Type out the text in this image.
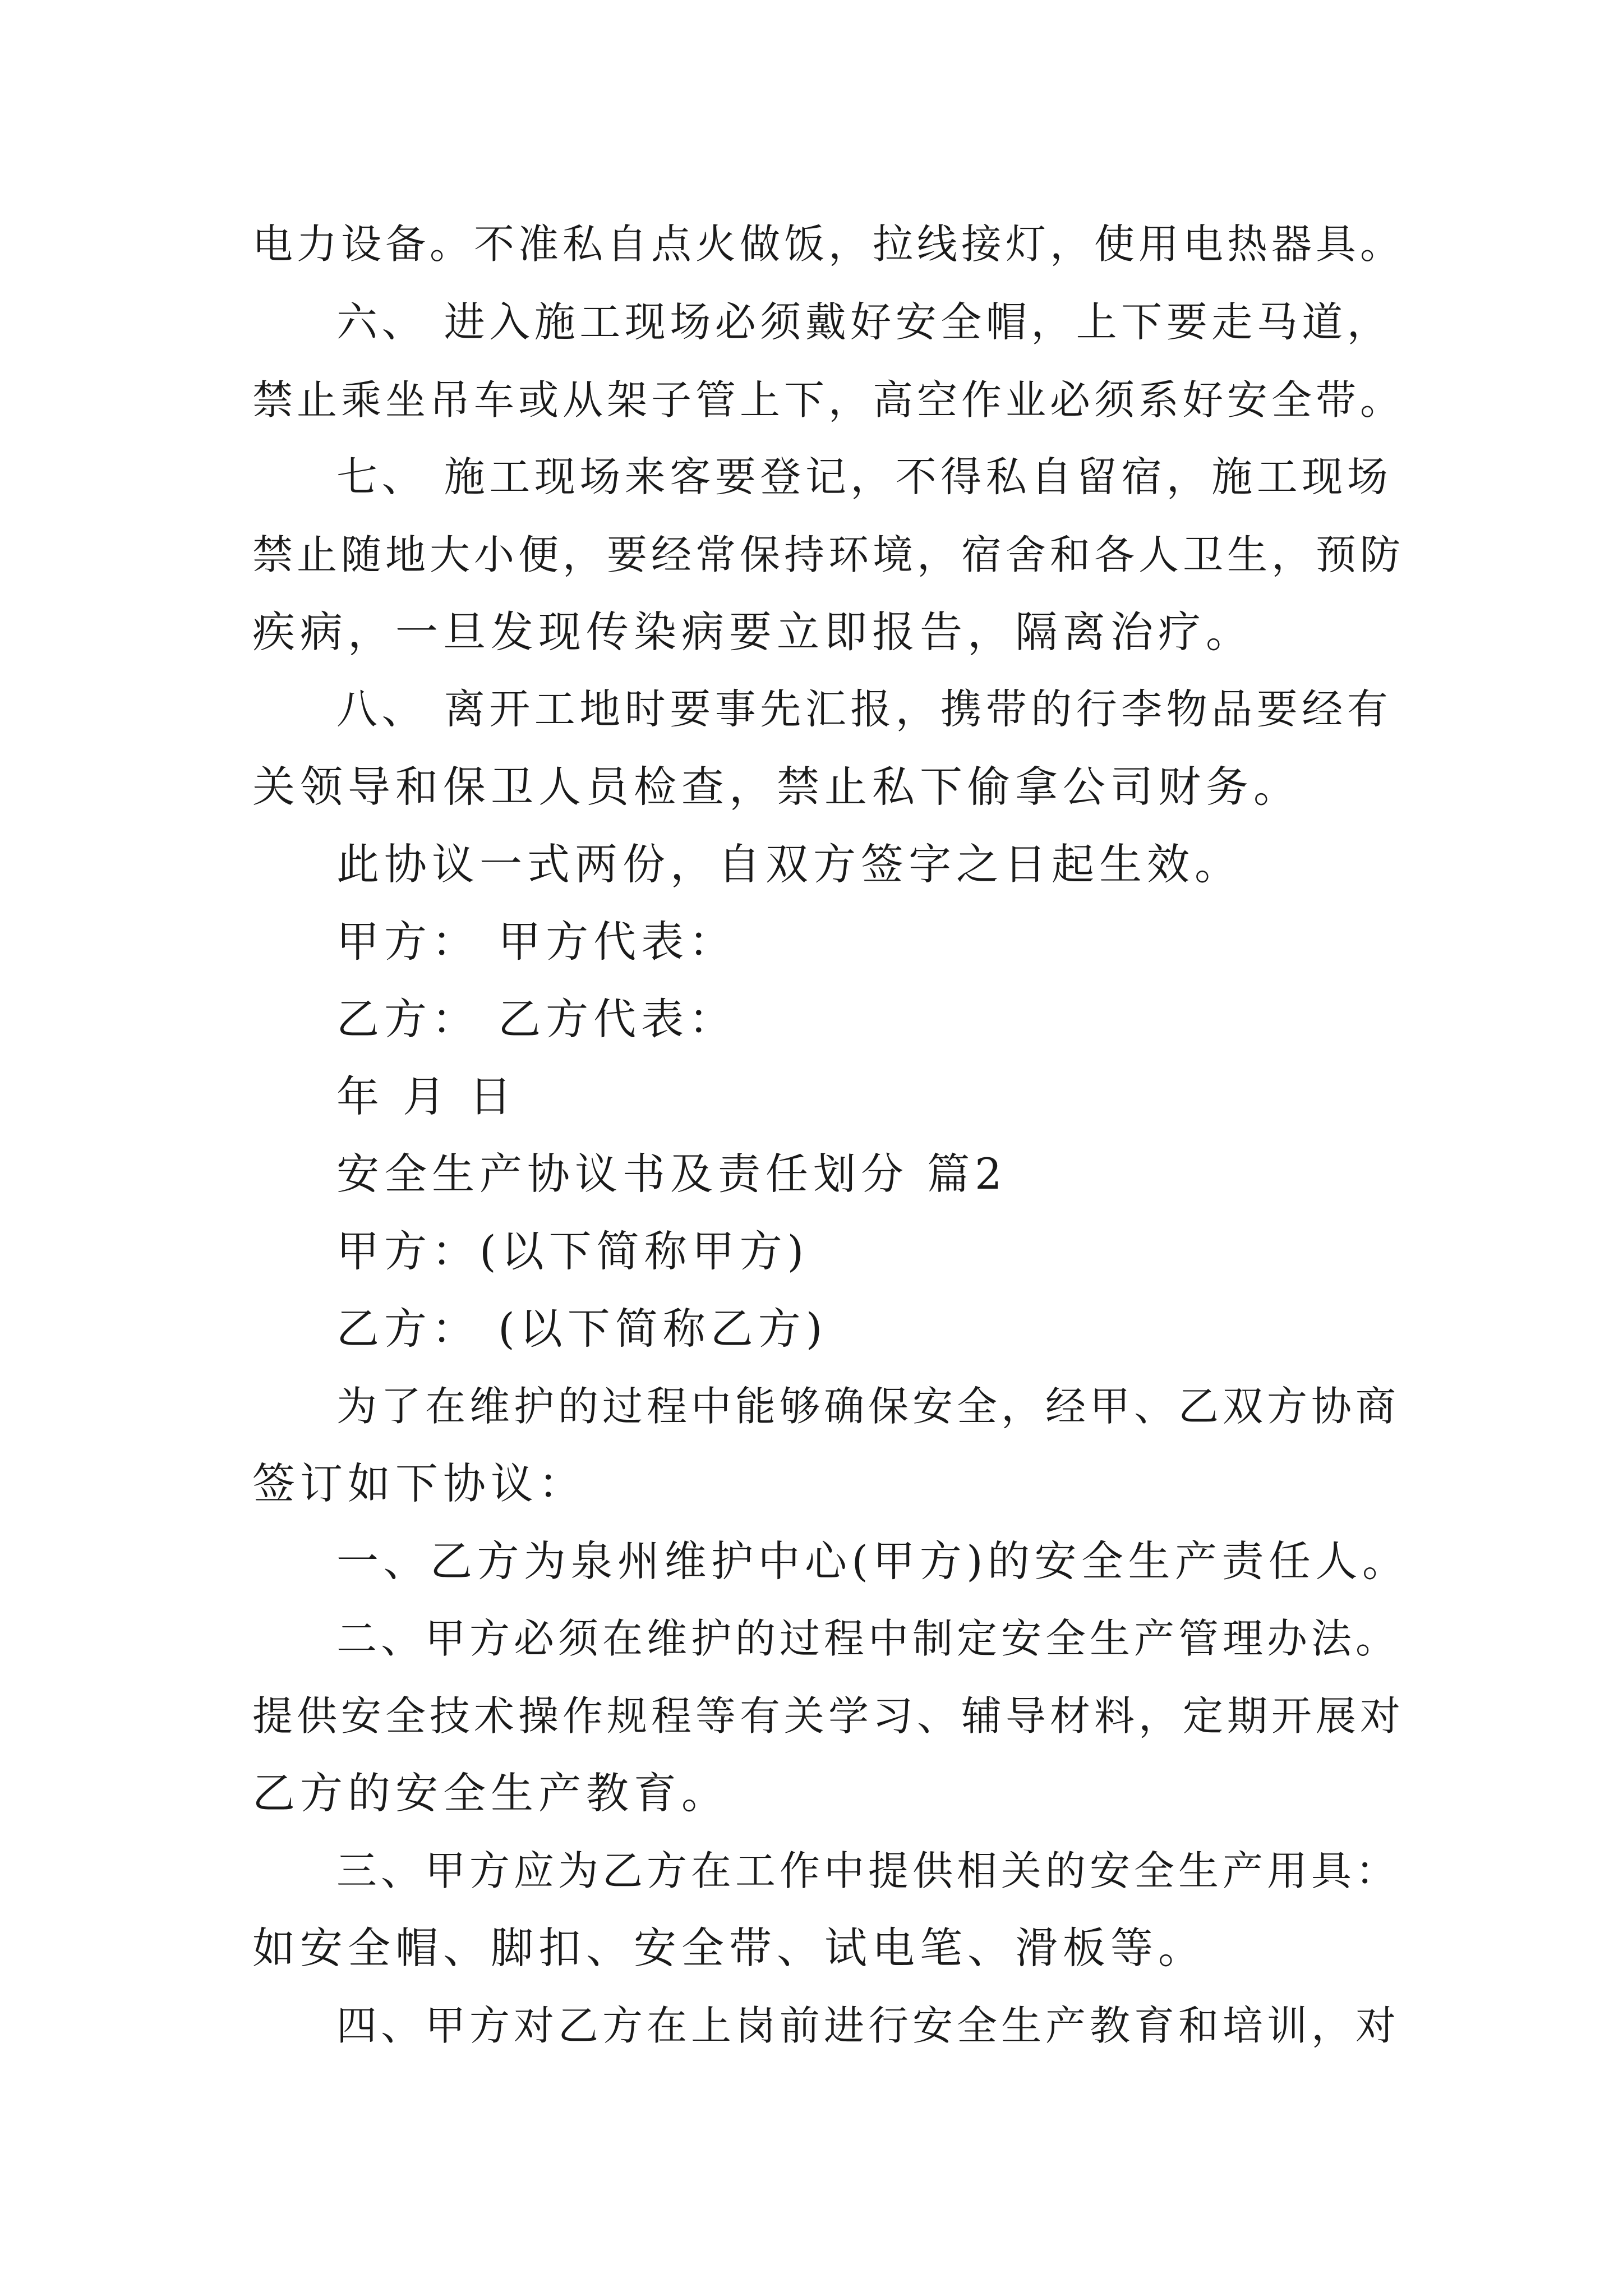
电力设备。不准私自点火做饭，拉线接灯，使用电热器具。
六、 进入施工现场必须戴好安全帽，上下要走马道，
禁止乘坐吊车或从架子管上下，高空作业必须系好安全带。
七、 施工现场来客要登记，不得私自留宿，施工现场
禁止随地大小便，要经常保持环境，宿舍和各人卫生，预防
疾病，一旦发现传染病要立即报告，隔离治疗。
八、 离开工地时要事先汇报，携带的行李物品要经有
关领导和保卫人员检查，禁止私下偷拿公司财务。
此协议一式两份，自双方签字之日起生效。
甲方： 甲方代表：
乙方： 乙方代表：
年 月 日
安全生产协议书及责任划分 篇2
甲方：(以下简称甲方)
乙方： (以下简称乙方)
为了在维护的过程中能够确保安全，经甲、乙双方协商
签订如下协议：
一、乙方为泉州维护中心(甲方)的安全生产责任人。
二、甲方必须在维护的过程中制定安全生产管理办法。
提供安全技术操作规程等有关学习、辅导材料，定期开展对
乙方的安全生产教育。
三、甲方应为乙方在工作中提供相关的安全生产用具：
如安全帽、脚扣、安全带、试电笔、滑板等。
四、甲方对乙方在上岗前进行安全生产教育和培训，对
